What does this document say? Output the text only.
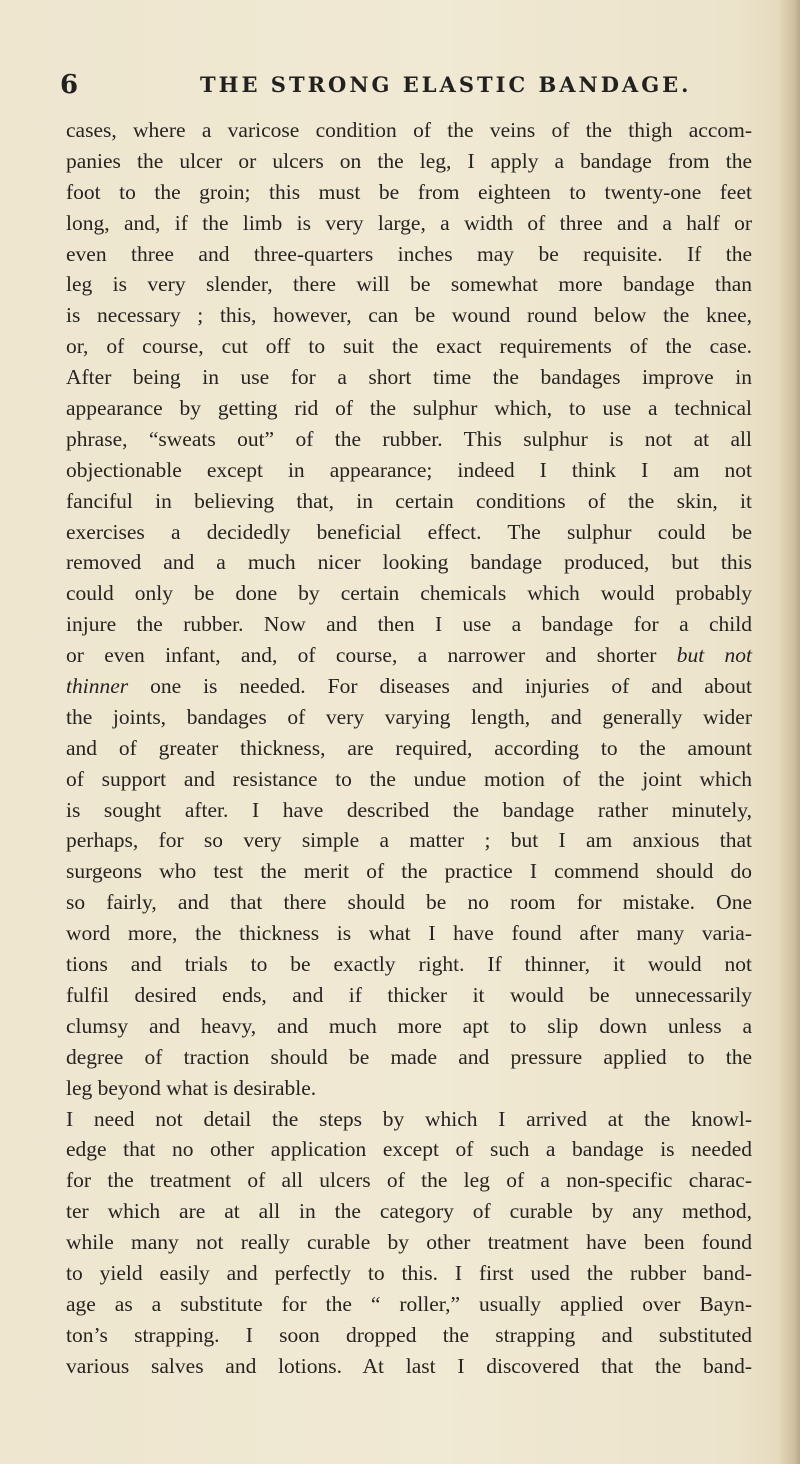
6	THE STRONG ELASTIC BANDAGE.
cases, where a varicose condition of the veins of the thigh accom-
panies the ulcer or ulcers on the leg, I apply a bandage from the
foot to the groin; this must be from eighteen to twenty-one feet
long, and, if the limb is very large, a width of three and a half or
even three and three-quarters inches may be requisite. If the
leg is very slender, there will be somewhat more bandage than
is necessary ; this, however, can be wound round below the knee,
or, of course, cut off to suit the exact requirements of the case.
After being in use for a short time the bandages improve in
appearance by getting rid of the sulphur which, to use a technical
phrase, “sweats out” of the rubber. This sulphur is not at all
objectionable except in appearance; indeed I think I am not
fanciful in believing that, in certain conditions of the skin, it
exercises a decidedly beneficial effect. The sulphur could be
removed and a much nicer looking bandage produced, but this
could only be done by certain chemicals which would probably
injure the rubber. Now and then I use a bandage for a child
or even infant, and, of course, a narrower and shorter but not
thinner one is needed. For diseases and injuries of and about
the joints, bandages of very varying length, and generally wider
and of greater thickness, are required, according to the amount
of support and resistance to the undue motion of the joint which
is sought after. I have described the bandage rather minutely,
perhaps, for so very simple a matter ; but I am anxious that
surgeons who test the merit of the practice I commend should do
so fairly, and that there should be no room for mistake. One
word more, the thickness is what I have found after many varia-
tions and trials to be exactly right. If thinner, it would not
fulfil desired ends, and if thicker it would be unnecessarily
clumsy and heavy, and much more apt to slip down unless a
degree of traction should be made and pressure applied to the
leg beyond what is desirable.
I need not detail the steps by which I arrived at the knowl-
edge that no other application except of such a bandage is needed
for the treatment of all ulcers of the leg of a non-specific charac-
ter which are at all in the category of curable by any method,
while many not really curable by other treatment have been found
to yield easily and perfectly to this. I first used the rubber band-
age as a substitute for the “ roller,” usually applied over Bayn-
ton’s strapping. I soon dropped the strapping and substituted
various salves and lotions. At last I discovered that the band-
